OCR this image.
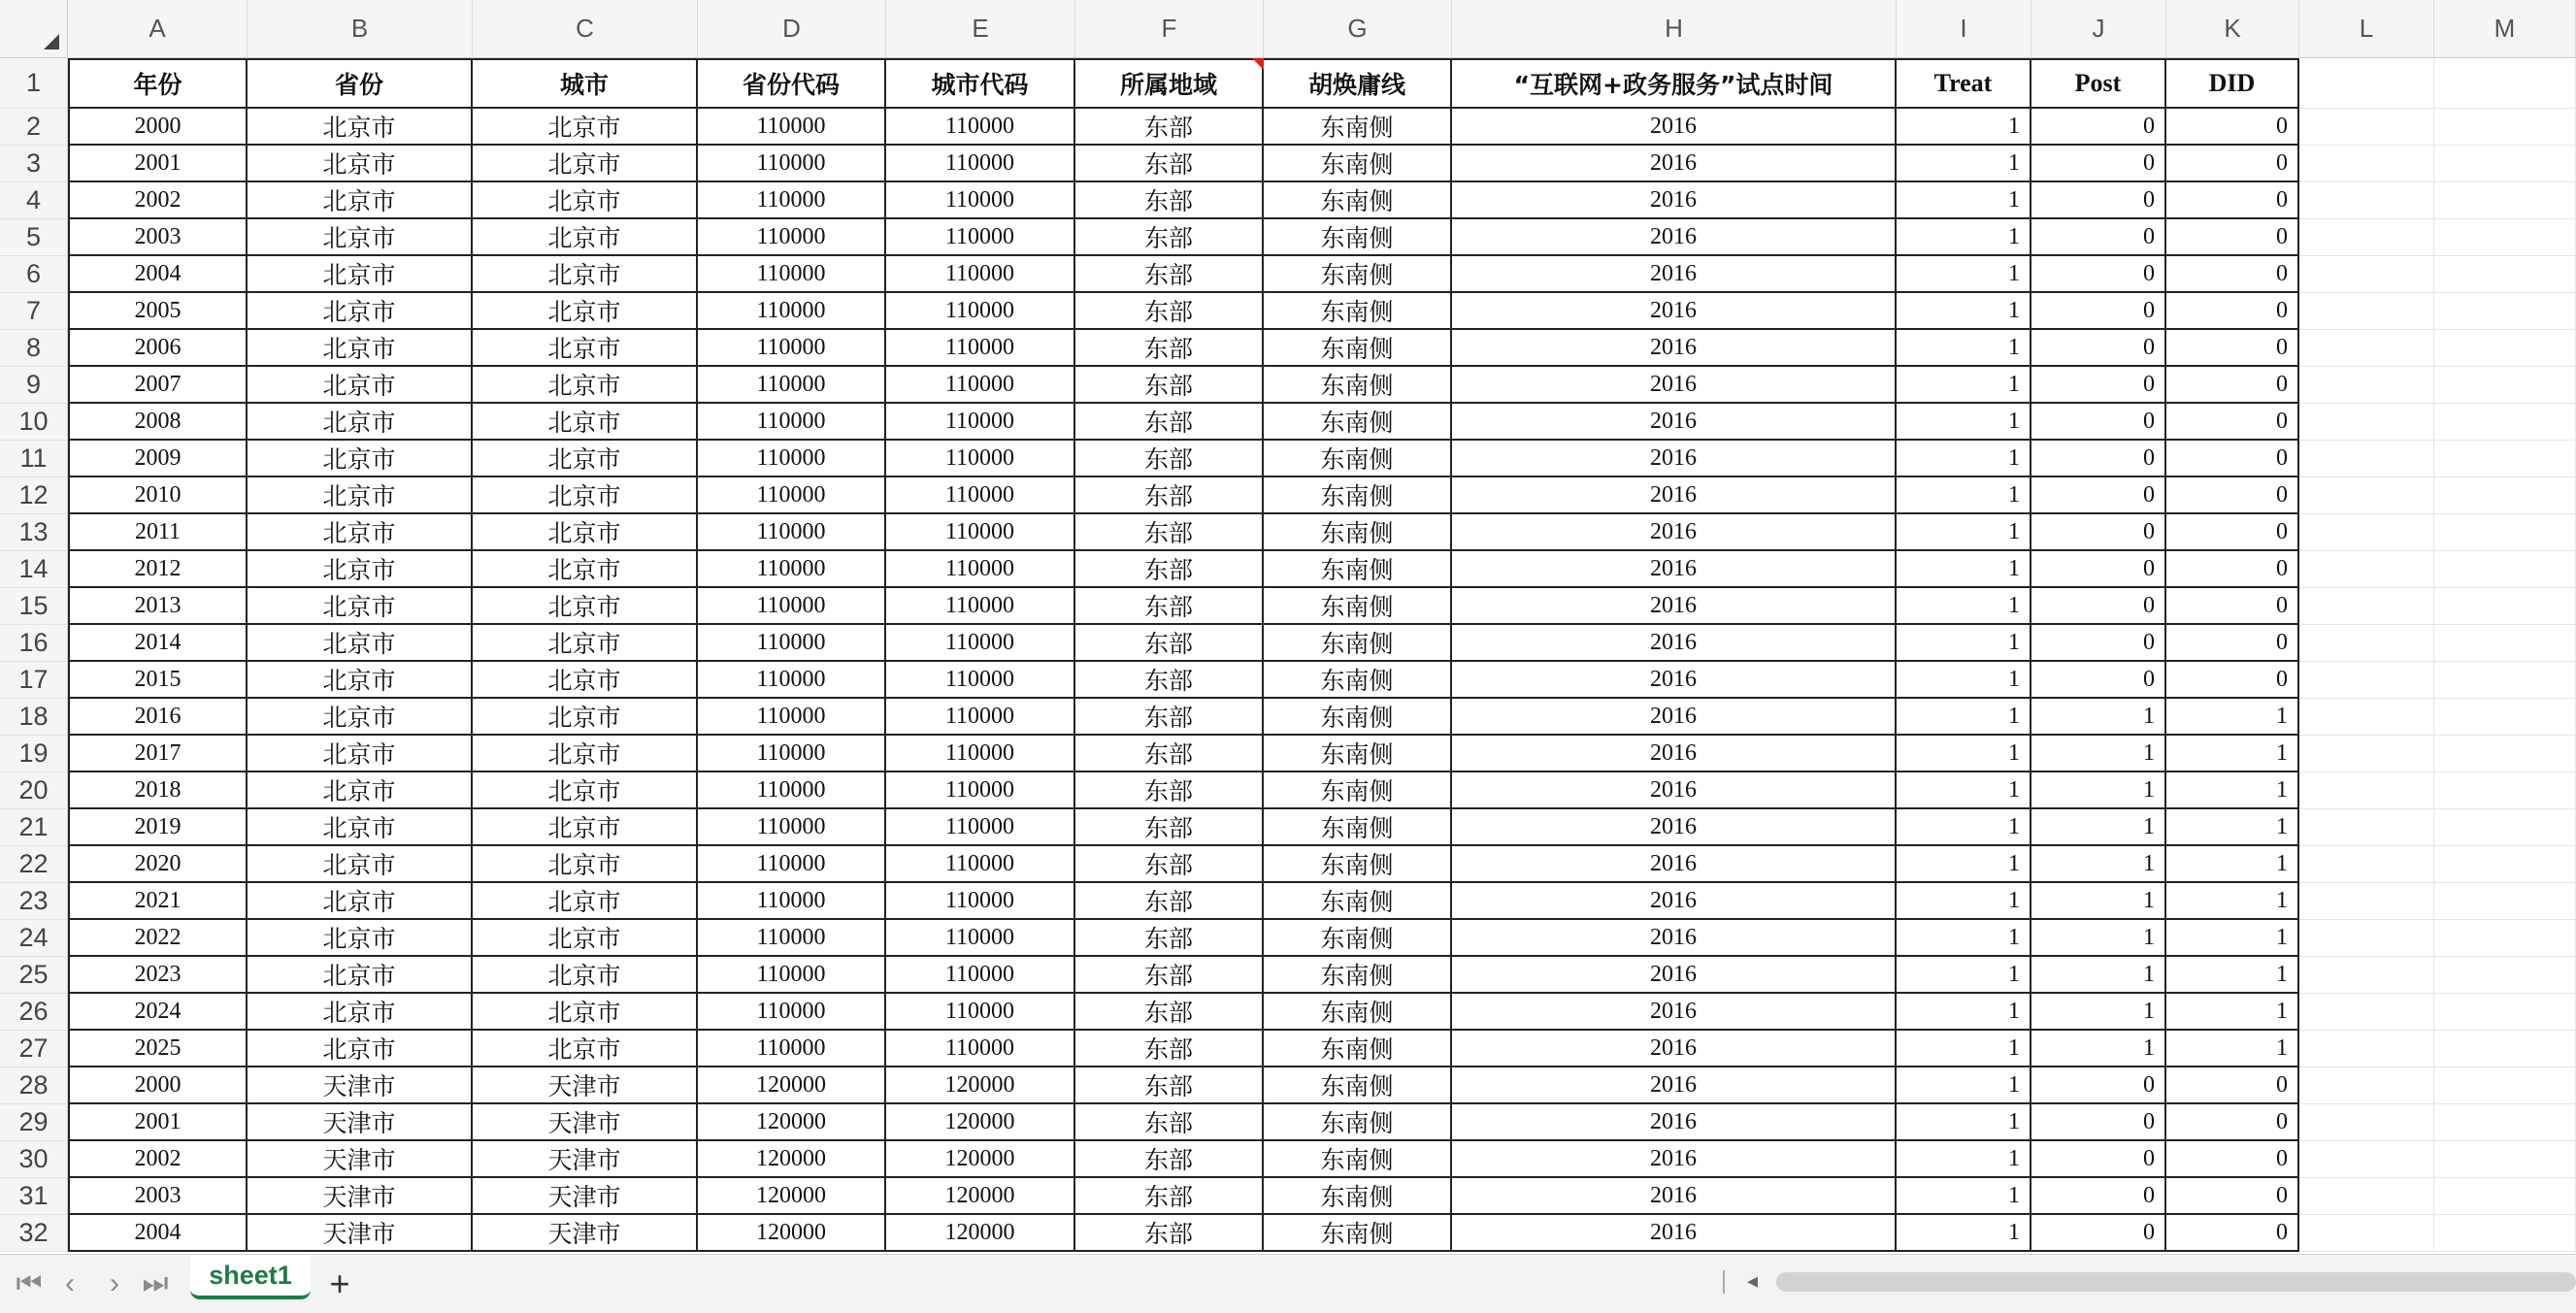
A	B	C	D	E	F	G	H	I	J	K	L	M
1
2
3
4
5
6
7
8
9
10
11
12
13
14
15
16
17
18
19
20
21
22
23
24
25
26
27
28
29
30
31
32
年份	省份	城市	省份代码	城市代码	所属地域	胡焕庸线	“互联网+政务服务”试点时间	Treat	Post	DID
2000	北京市	北京市	110000	110000	东部	东南侧	2016	1	0	0
2001	北京市	北京市	110000	110000	东部	东南侧	2016	1	0	0
2002	北京市	北京市	110000	110000	东部	东南侧	2016	1	0	0
2003	北京市	北京市	110000	110000	东部	东南侧	2016	1	0	0
2004	北京市	北京市	110000	110000	东部	东南侧	2016	1	0	0
2005	北京市	北京市	110000	110000	东部	东南侧	2016	1	0	0
2006	北京市	北京市	110000	110000	东部	东南侧	2016	1	0	0
2007	北京市	北京市	110000	110000	东部	东南侧	2016	1	0	0
2008	北京市	北京市	110000	110000	东部	东南侧	2016	1	0	0
2009	北京市	北京市	110000	110000	东部	东南侧	2016	1	0	0
2010	北京市	北京市	110000	110000	东部	东南侧	2016	1	0	0
2011	北京市	北京市	110000	110000	东部	东南侧	2016	1	0	0
2012	北京市	北京市	110000	110000	东部	东南侧	2016	1	0	0
2013	北京市	北京市	110000	110000	东部	东南侧	2016	1	0	0
2014	北京市	北京市	110000	110000	东部	东南侧	2016	1	0	0
2015	北京市	北京市	110000	110000	东部	东南侧	2016	1	0	0
2016	北京市	北京市	110000	110000	东部	东南侧	2016	1	1	1
2017	北京市	北京市	110000	110000	东部	东南侧	2016	1	1	1
2018	北京市	北京市	110000	110000	东部	东南侧	2016	1	1	1
2019	北京市	北京市	110000	110000	东部	东南侧	2016	1	1	1
2020	北京市	北京市	110000	110000	东部	东南侧	2016	1	1	1
2021	北京市	北京市	110000	110000	东部	东南侧	2016	1	1	1
2022	北京市	北京市	110000	110000	东部	东南侧	2016	1	1	1
2023	北京市	北京市	110000	110000	东部	东南侧	2016	1	1	1
2024	北京市	北京市	110000	110000	东部	东南侧	2016	1	1	1
2025	北京市	北京市	110000	110000	东部	东南侧	2016	1	1	1
2000	天津市	天津市	120000	120000	东部	东南侧	2016	1	0	0
2001	天津市	天津市	120000	120000	东部	东南侧	2016	1	0	0
2002	天津市	天津市	120000	120000	东部	东南侧	2016	1	0	0
2003	天津市	天津市	120000	120000	东部	东南侧	2016	1	0	0
2004	天津市	天津市	120000	120000	东部	东南侧	2016	1	0	0
⏮ ‹	› ⏭	sheet1	+	◂
